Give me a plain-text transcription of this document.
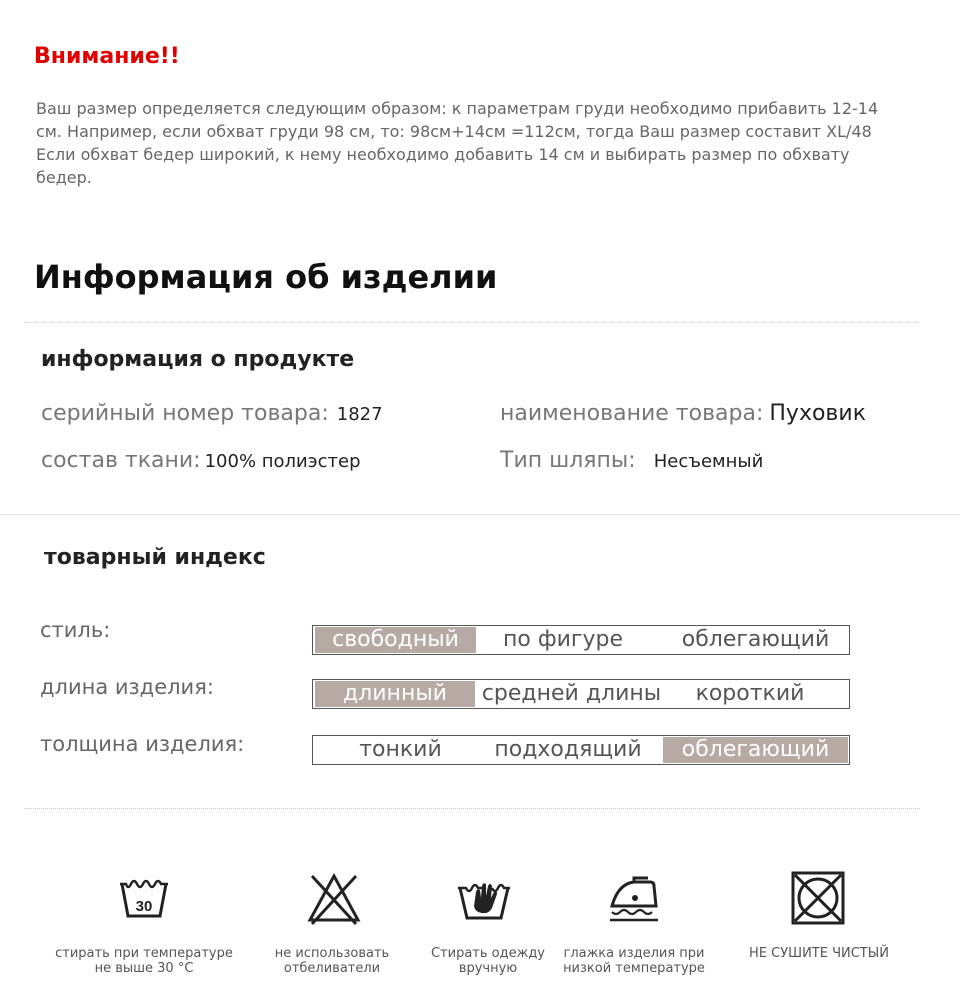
Внимание!!
Ваш размер определяется следующим образом: к параметрам груди необходимо прибавить 12-14
см. Например, если обхват груди 98 см, то: 98см+14см =112см, тогда Ваш размер составит XL/48
Если обхват бедер широкий, к нему необходимо добавить 14 см и выбирать размер по обхвату
бедер.
Информация об изделии
информация о продукте
серийный номер товара: 1827	наименование товара: Пуховик
состав ткани: 100% полиэстер	Тип шляпы: Несъемный
товарный индекс
стиль:	свободный	по фигуре	облегающий
длина изделия:	длинный	средней длины	короткий
толщина изделия:	тонкий	подходящий	облегающий
30
стирать при температуре
не выше 30 °C
не использовать
отбеливатели
Стирать одежду
вручную
глажка изделия при
низкой температуре
НЕ СУШИТЕ ЧИСТЫЙ
